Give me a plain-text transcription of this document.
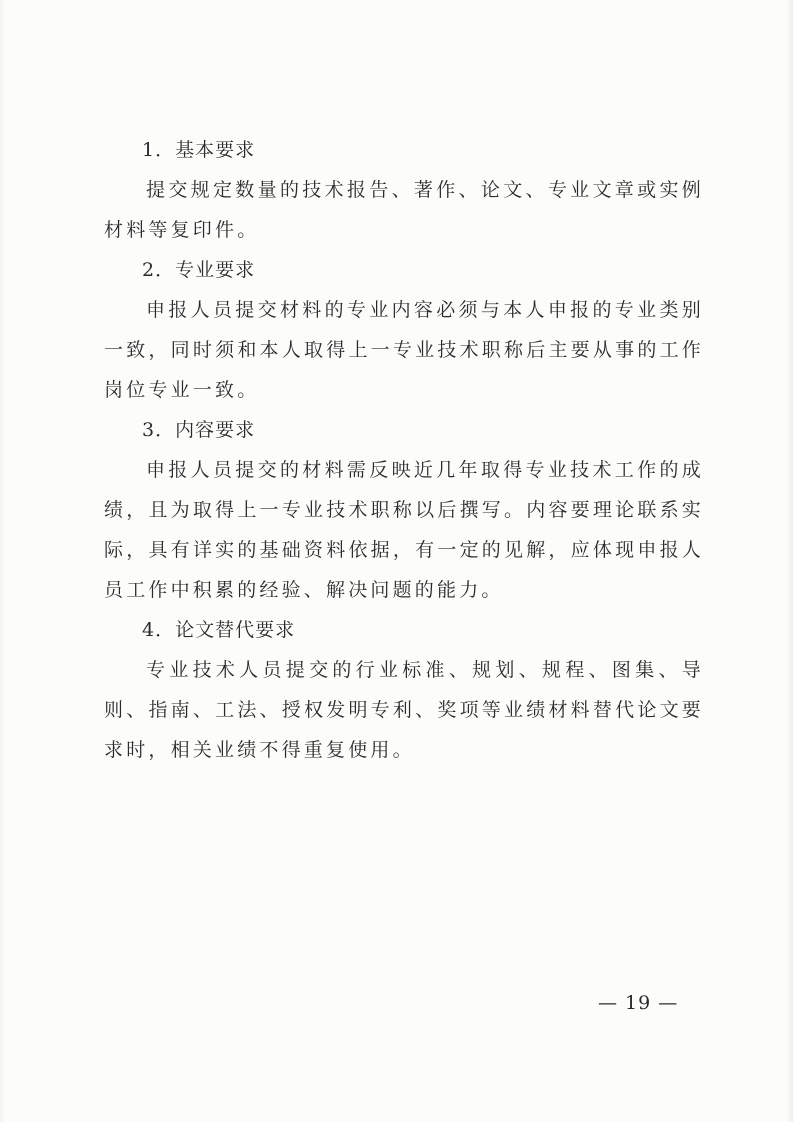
1．基本要求

提交规定数量的技术报告、著作、论文、专业文章或实例材料等复印件。

2．专业要求

申报人员提交材料的专业内容必须与本人申报的专业类别一致，同时须和本人取得上一专业技术职称后主要从事的工作岗位专业一致。

3．内容要求

申报人员提交的材料需反映近几年取得专业技术工作的成绩，且为取得上一专业技术职称以后撰写。内容要理论联系实际，具有详实的基础资料依据，有一定的见解，应体现申报人员工作中积累的经验、解决问题的能力。

4．论文替代要求

专业技术人员提交的行业标准、规划、规程、图集、导则、指南、工法、授权发明专利、奖项等业绩材料替代论文要求时，相关业绩不得重复使用。

— 19 —
